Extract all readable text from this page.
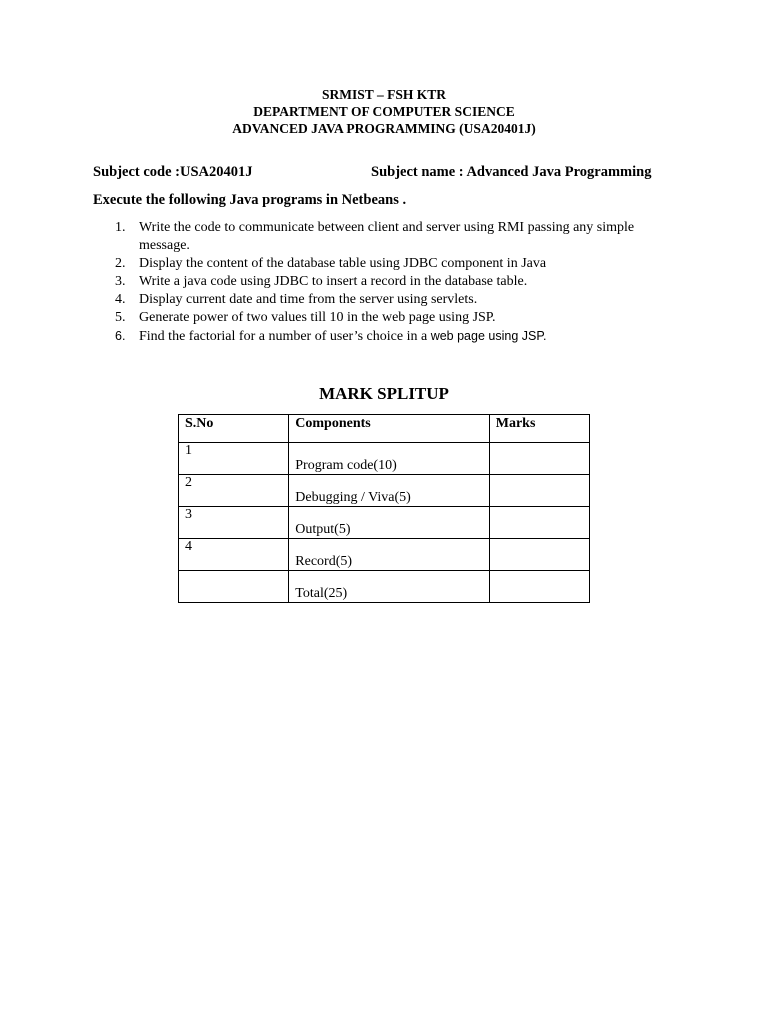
SRMIST – FSH KTR
DEPARTMENT OF COMPUTER SCIENCE
ADVANCED JAVA PROGRAMMING (USA20401J)
Subject code :USA20401J	Subject name : Advanced Java Programming
Execute the following Java programs in Netbeans .
1. Write the code to communicate between client and server using RMI passing any simple message.
2. Display the content of the database table using JDBC component in Java
3. Write a java code using JDBC to insert a record in the database table.
4. Display current date and time from the server using servlets.
5. Generate power of two values till 10 in the web page using JSP.
6. Find the factorial for a number of user’s choice in a web page using JSP.
MARK SPLITUP
S.No	Components	Marks

1	Program code(10)	

2	Debugging / Viva(5)	

3	Output(5)	

4	Record(5)	

	Total(25)	
